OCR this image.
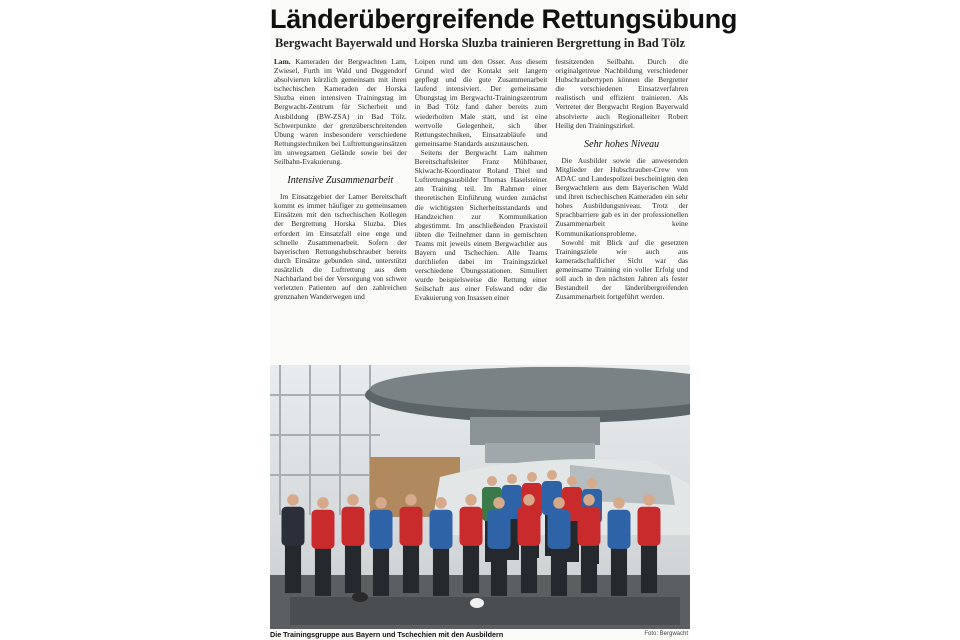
Länderübergreifende Rettungsübung
Bergwacht Bayerwald und Horska Sluzba trainieren Bergrettung in Bad Tölz

Lam. Kameraden der Bergwachten Lam, Zwiesel, Furth im Wald und Deggendorf absolvierten kürzlich gemeinsam mit ihren tschechischen Kameraden der Horska Sluzba einen intensiven Trainingstag im Bergwacht-Zentrum für Sicherheit und Ausbildung (BW-ZSA) in Bad Tölz. Schwerpunkte der grenzüberschreitenden Übung waren insbesondere verschiedene Rettungstechniken bei Luftrettungseinsätzen im unwegsamen Gelände sowie bei der Seilbahn-Evakuierung.

Intensive Zusammenarbeit

Im Einsatzgebiet der Lamer Bereitschaft kommt es immer häufiger zu gemeinsamen Einsätzen mit den tschechischen Kollegen der Bergrettung Horska Sluzba. Dies erfordert im Einsatzfall eine enge und schnelle Zusammenarbeit. Sofern der bayerischen Rettungshubschrauber bereits durch Einsätze gebunden sind, unterstützt zusätzlich die Luftrettung aus dem Nachbarland bei der Versorgung von schwer verletzten Patienten auf den zahlreichen grenznahen Wanderwegen und

Loipen rund um den Osser. Aus diesem Grund wird der Kontakt seit langem gepflegt und die gute Zusammenarbeit laufend intensiviert. Der gemeinsame Übungstag im Bergwacht-Trainingszentrum in Bad Tölz fand daher bereits zum wiederholten Male statt, und ist eine wertvolle Gelegenheit, sich über Rettungstechniken, Einsatzabläufe und gemeinsame Standards auszutauschen.

Seitens der Bergwacht Lam nahmen Bereitschaftsleiter Franz Mühlbauer, Skiwacht-Koordinator Roland Thiel und Luftrettungsausbilder Thomas Haselsteiner am Training teil. Im Rahmen einer theoretischen Einführung wurden zunächst die wichtigsten Sicherheitsstandards und Handzeichen zur Kommunikation abgestimmt. Im anschließenden Praxisteil übten die Teilnehmer dann in gemischten Teams mit jeweils einem Bergwachtler aus Bayern und Tschechien. Alle Teams durchliefen dabei im Trainingszirkel verschiedene Übungsstationen. Simuliert wurde beispielsweise die Rettung einer Seilschaft aus einer Felswand oder die Evakuierung von Insassen einer

festsitzenden Seilbahn. Durch die originalgetreue Nachbildung verschiedener Hubschraubertypen können die Bergretter die verschiedenen Einsatzverfahren realistisch und effizient trainieren. Als Vertreter der Bergwacht Region Bayerwald absolvierte auch Regionalleiter Robert Heilig den Trainingszirkel.

Sehr hohes Niveau

Die Ausbilder sowie die anwesenden Mitglieder der Hubschrauber-Crew von ADAC und Landespolizei bescheinigten den Bergwachtlern aus dem Bayerischen Wald und ihren tschechischen Kameraden ein sehr hohes Ausbildungsniveau. Trotz der Sprachbarriere gab es in der professionellen Zusammenarbeit keine Kommunikationsprobleme.

Sowohl mit Blick auf die gesetzten Trainingsziele wie auch aus kameradschaftlicher Sicht war das gemeinsame Training ein voller Erfolg und soll auch in den nächsten Jahren als fester Bestandteil der länderübergreifenden Zusammenarbeit fortgeführt werden.

Die Trainingsgruppe aus Bayern und Tschechien mit den Ausbildern	Foto: Bergwacht
